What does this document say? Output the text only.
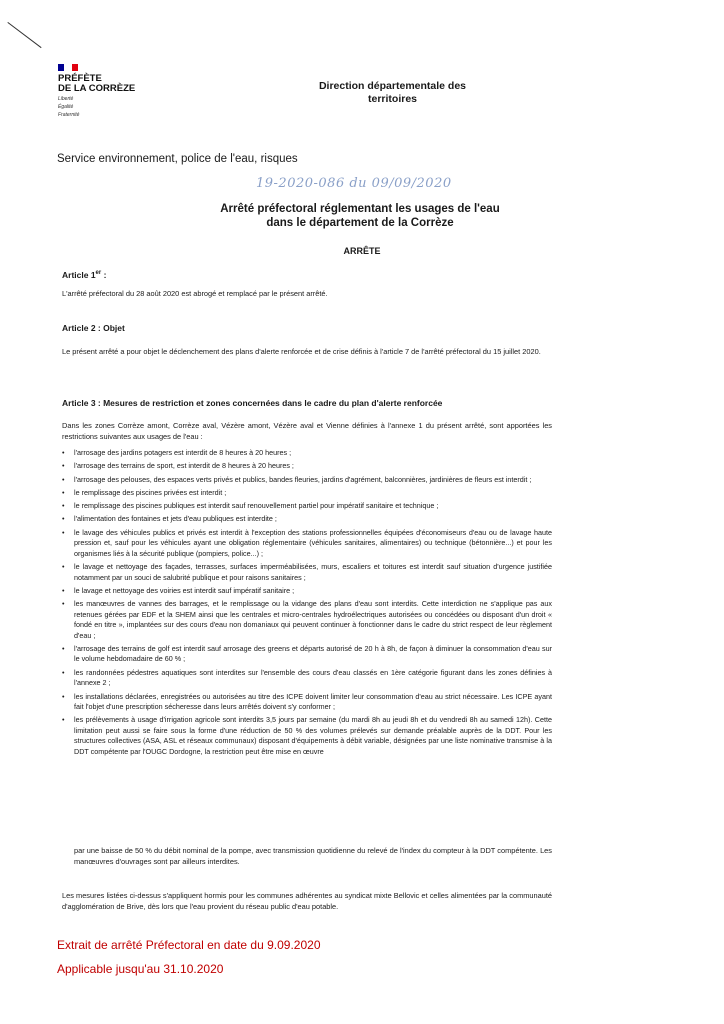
PRÉFÈTE
DE LA CORRÈZE
Liberté
Égalité
Fraternité
Direction départementale des
territoires
Service environnement, police de l'eau, risques
19-2020-086 du 09/09/2020
Arrêté préfectoral réglementant les usages de l'eau
dans le département de la Corrèze
ARRÊTE
Article 1er :
L'arrêté préfectoral du 28 août 2020 est abrogé et remplacé par le présent arrêté.
Article 2 : Objet
Le présent arrêté a pour objet le déclenchement des plans d'alerte renforcée et de crise définis à l'article 7 de l'arrêté préfectoral du 15 juillet 2020.
Article 3 : Mesures de restriction et zones concernées dans le cadre du plan d'alerte renforcée
Dans les zones Corrèze amont, Corrèze aval, Vézère amont, Vézère aval et Vienne définies à l'annexe 1 du présent arrêté, sont apportées les restrictions suivantes aux usages de l'eau :
• l'arrosage des jardins potagers est interdit de 8 heures à 20 heures ;
• l'arrosage des terrains de sport, est interdit de 8 heures à 20 heures ;
• l'arrosage des pelouses, des espaces verts privés et publics, bandes fleuries, jardins d'agrément, balconnières, jardinières de fleurs est interdit ;
• le remplissage des piscines privées est interdit ;
• le remplissage des piscines publiques est interdit sauf renouvellement partiel pour impératif sanitaire et technique ;
• l'alimentation des fontaines et jets d'eau publiques est interdite ;
• le lavage des véhicules publics et privés est interdit à l'exception des stations professionnelles équipées d'économiseurs d'eau ou de lavage haute pression et, sauf pour les véhicules ayant une obligation réglementaire (véhicules sanitaires, alimentaires) ou technique (bétonnière...) et pour les organismes liés à la sécurité publique (pompiers, police...) ;
• le lavage et nettoyage des façades, terrasses, surfaces imperméabilisées, murs, escaliers et toitures est interdit sauf situation d'urgence justifiée notamment par un souci de salubrité publique et pour raisons sanitaires ;
• le lavage et nettoyage des voiries est interdit sauf impératif sanitaire ;
• les manœuvres de vannes des barrages, et le remplissage ou la vidange des plans d'eau sont interdits. Cette interdiction ne s'applique pas aux retenues gérées par EDF et la SHEM ainsi que les centrales et micro-centrales hydroélectriques autorisées ou concédées ou disposant d'un droit « fondé en titre », implantées sur des cours d'eau non domaniaux qui peuvent continuer à fonctionner dans le cadre du strict respect de leur règlement d'eau ;
• l'arrosage des terrains de golf est interdit sauf arrosage des greens et départs autorisé de 20 h à 8h, de façon à diminuer la consommation d'eau sur le volume hebdomadaire de 60 % ;
• les randonnées pédestres aquatiques sont interdites sur l'ensemble des cours d'eau classés en 1ère catégorie figurant dans les zones définies à l'annexe 2 ;
• les installations déclarées, enregistrées ou autorisées au titre des ICPE doivent limiter leur consommation d'eau au strict nécessaire. Les ICPE ayant fait l'objet d'une prescription sécheresse dans leurs arrêtés doivent s'y conformer ;
• les prélèvements à usage d'irrigation agricole sont interdits 3,5 jours par semaine (du mardi 8h au jeudi 8h et du vendredi 8h au samedi 12h). Cette limitation peut aussi se faire sous la forme d'une réduction de 50 % des volumes prélevés sur demande préalable auprès de la DDT. Pour les structures collectives (ASA, ASL et réseaux communaux) disposant d'équipements à débit variable, désignées par une liste nominative transmise à la DDT compétente par l'OUGC Dordogne, la restriction peut être mise en œuvre
par une baisse de 50 % du débit nominal de la pompe, avec transmission quotidienne du relevé de l'index du compteur à la DDT compétente. Les manœuvres d'ouvrages sont par ailleurs interdites.
Les mesures listées ci-dessus s'appliquent hormis pour les communes adhérentes au syndicat mixte Bellovic et celles alimentées par la communauté d'agglomération de Brive, dès lors que l'eau provient du réseau public d'eau potable.
Extrait de arrêté Préfectoral en date du 9.09.2020
Applicable jusqu'au 31.10.2020
